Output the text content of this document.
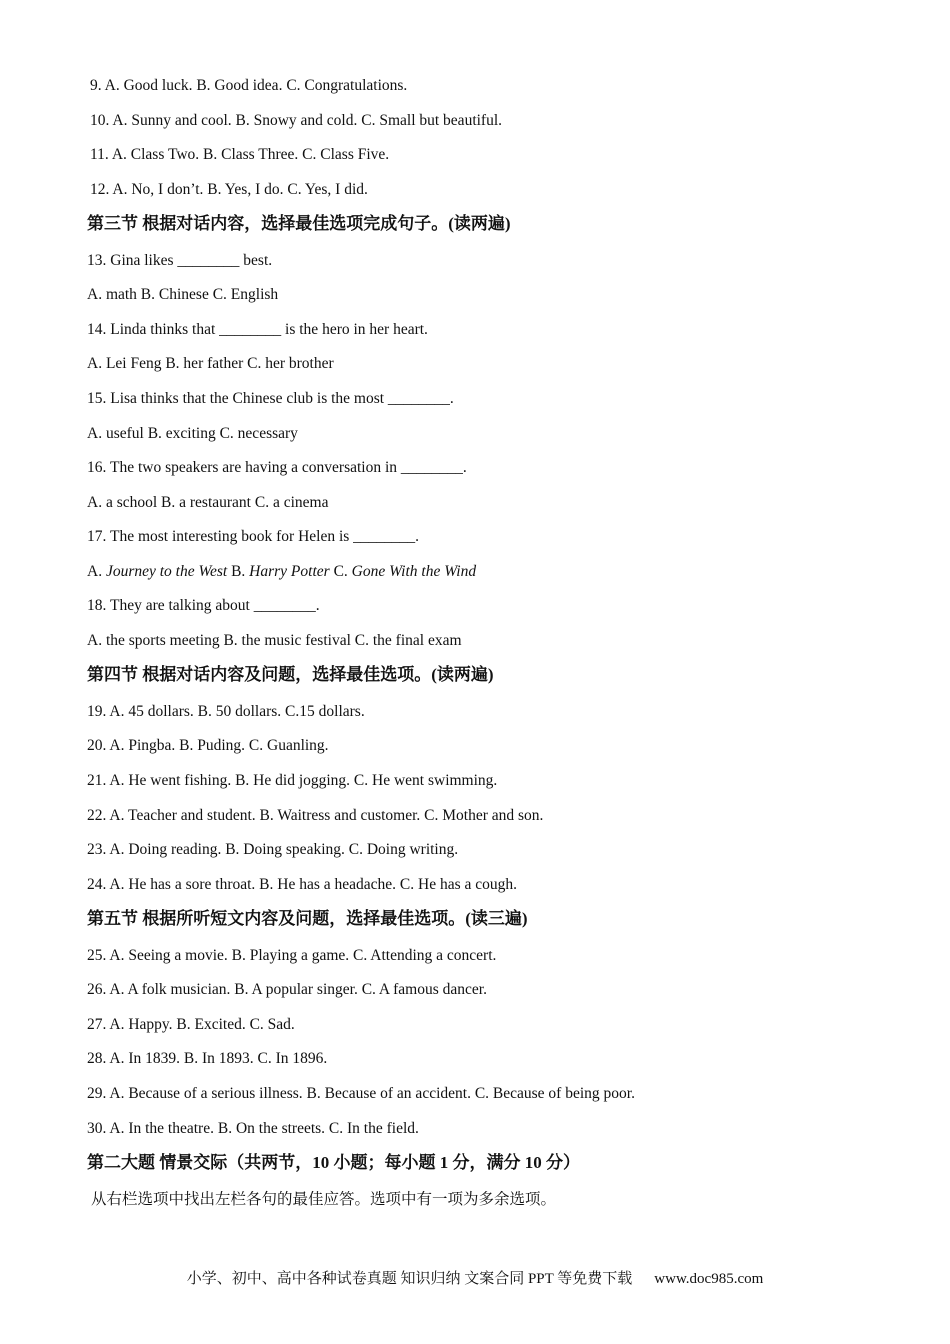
9. A. Good luck. B. Good idea. C. Congratulations.
10. A. Sunny and cool. B. Snowy and cold. C. Small but beautiful.
11. A. Class Two. B. Class Three. C. Class Five.
12. A. No, I don’t. B. Yes, I do. C. Yes, I did.
第三节 根据对话内容，选择最佳选项完成句子。(读两遍)
13. Gina likes ________ best.
A. math B. Chinese C. English
14. Linda thinks that ________ is the hero in her heart.
A. Lei Feng B. her father C. her brother
15. Lisa thinks that the Chinese club is the most ________.
A. useful B. exciting C. necessary
16. The two speakers are having a conversation in ________.
A. a school B. a restaurant C. a cinema
17. The most interesting book for Helen is ________.
A. Journey to the West B. Harry Potter C. Gone With the Wind
18. They are talking about ________.
A. the sports meeting B. the music festival C. the final exam
第四节 根据对话内容及问题，选择最佳选项。(读两遍)
19. A. 45 dollars. B. 50 dollars. C.15 dollars.
20. A. Pingba. B. Puding. C. Guanling.
21. A. He went fishing. B. He did jogging. C. He went swimming.
22. A. Teacher and student. B. Waitress and customer. C. Mother and son.
23. A. Doing reading. B. Doing speaking. C. Doing writing.
24. A. He has a sore throat. B. He has a headache. C. He has a cough.
第五节 根据所听短文内容及问题，选择最佳选项。(读三遍)
25. A. Seeing a movie. B. Playing a game. C. Attending a concert.
26. A. A folk musician. B. A popular singer. C. A famous dancer.
27. A. Happy. B. Excited. C. Sad.
28. A. In 1839. B. In 1893. C. In 1896.
29. A. Because of a serious illness. B. Because of an accident. C. Because of being poor.
30. A. In the theatre. B. On the streets. C. In the field.
第二大题 情景交际（共两节，10 小题；每小题 1 分，满分 10 分）
从右栏选项中找出左栏各句的最佳应答。选项中有一项为多余选项。
小学、初中、高中各种试卷真题 知识归纳 文案合同 PPT 等免费下载 www.doc985.com
